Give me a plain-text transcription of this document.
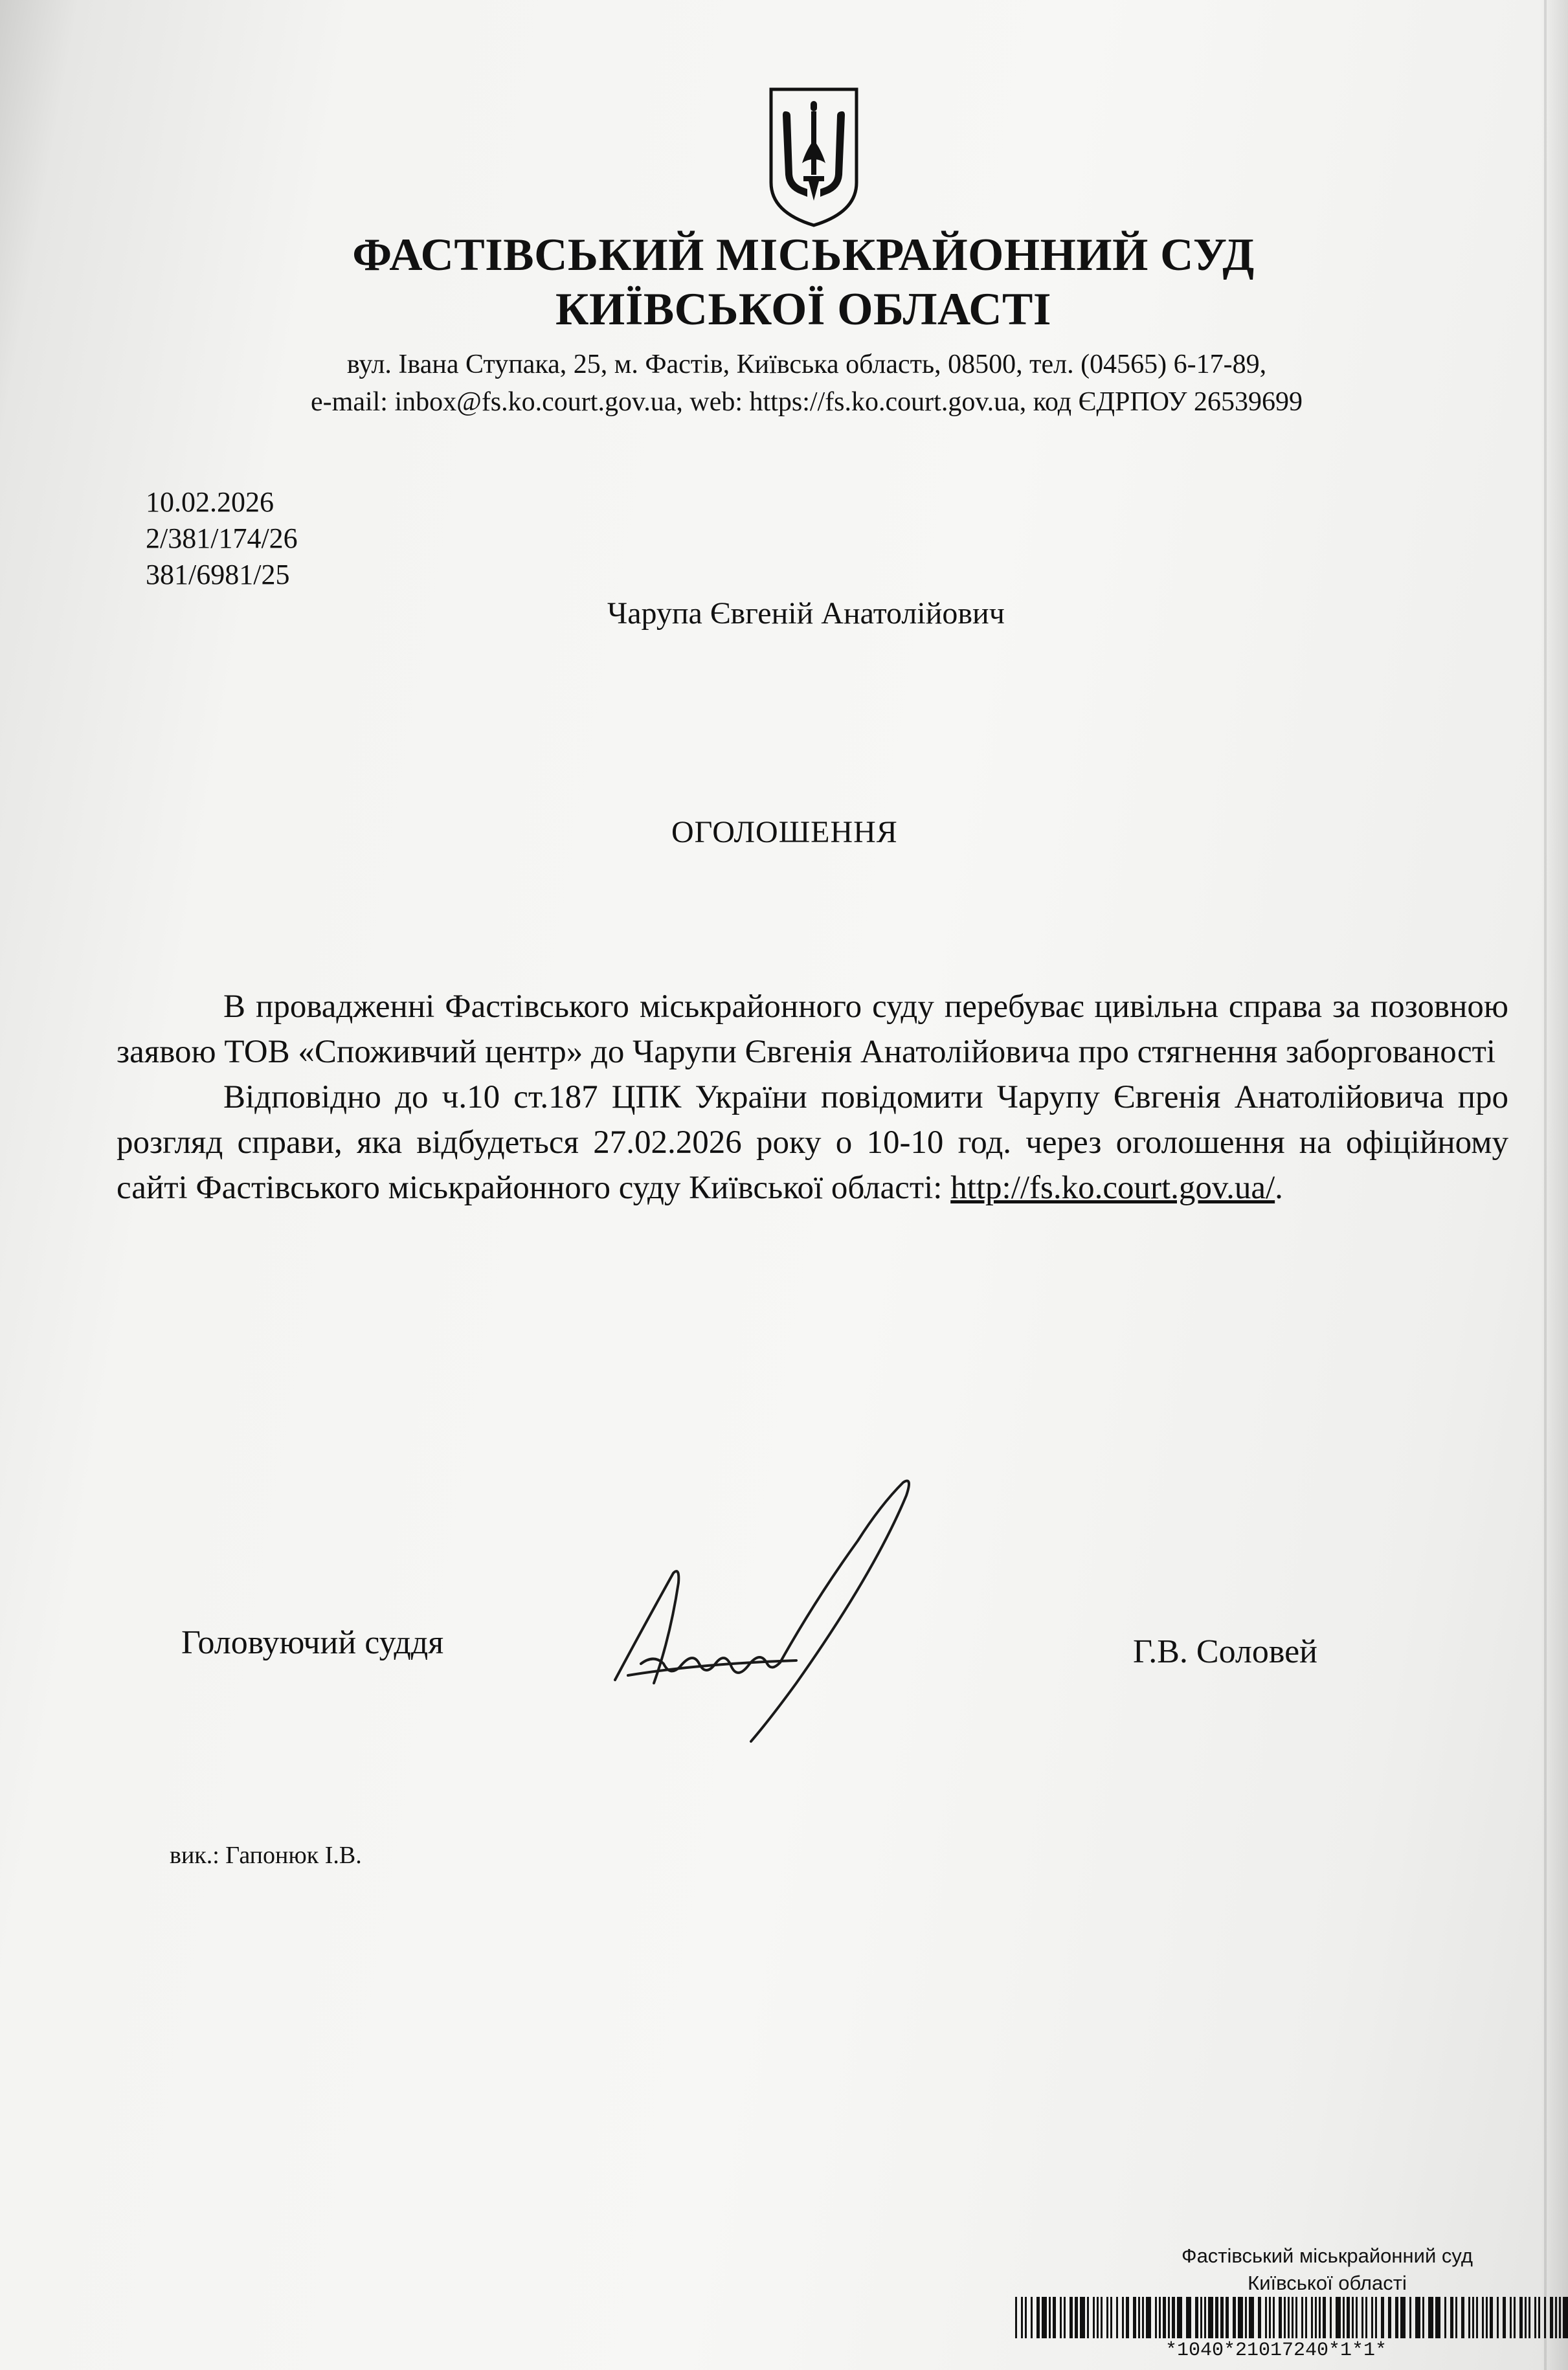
ФАСТІВСЬКИЙ МІСЬКРАЙОННИЙ СУД
КИЇВСЬКОЇ ОБЛАСТІ
вул. Івана Ступака, 25, м. Фастів, Київська область, 08500, тел. (04565) 6-17-89,
e-mail: inbox@fs.ko.court.gov.ua, web: https://fs.ko.court.gov.ua, код ЄДРПОУ 26539699
10.02.2026
2/381/174/26
381/6981/25
Чарупа Євгеній Анатолійович
ОГОЛОШЕННЯ

В провадженні Фастівського міськрайонного суду перебуває цивільна справа за позовною заявою ТОВ «Споживчий центр» до Чарупи Євгенія Анатолійовича про стягнення заборгованості

Відповідно до ч.10 ст.187 ЦПК України повідомити Чарупу Євгенія Анатолійовича про розгляд справи, яка відбудеться 27.02.2026 року о 10-10 год. через оголошення на офіційному сайті Фастівського міськрайонного суду Київської області: http://fs.ko.court.gov.ua/.

Головуючий суддя	Г.В. Соловей
вик.: Гапонюк І.В.
Фастівський міськрайонний суд
Київської області
*1040*21017240*1*1*
